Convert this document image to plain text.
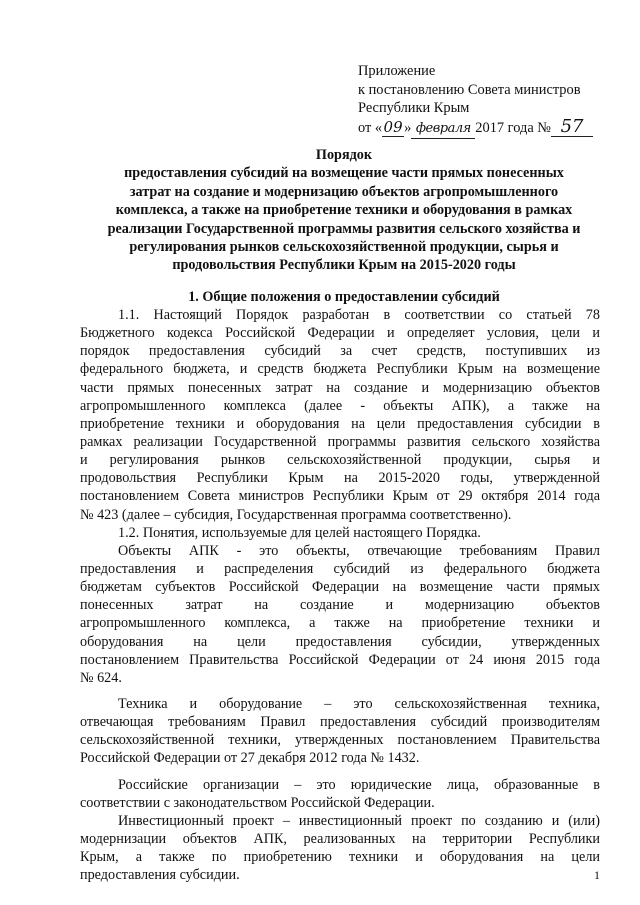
Приложение
к постановлению Совета министров
Республики Крым
от «09» февраля 2017 года № 57
Порядок
предоставления субсидий на возмещение части прямых понесенных
затрат на создание и модернизацию объектов агропромышленного
комплекса, а также на приобретение техники и оборудования в рамках
реализации Государственной программы развития сельского хозяйства и
регулирования рынков сельскохозяйственной продукции, сырья и
продовольствия Республики Крым на 2015-2020 годы
1. Общие положения о предоставлении субсидий
1.1. Настоящий Порядок разработан в соответствии со статьей 78
Бюджетного кодекса Российской Федерации и определяет условия, цели и
порядок предоставления субсидий за счет средств, поступивших из
федерального бюджета, и средств бюджета Республики Крым на возмещение
части прямых понесенных затрат на создание и модернизацию объектов
агропромышленного комплекса (далее - объекты АПК), а также на
приобретение техники и оборудования на цели предоставления субсидии в
рамках реализации Государственной программы развития сельского хозяйства
и регулирования рынков сельскохозяйственной продукции, сырья и
продовольствия Республики Крым на 2015-2020 годы, утвержденной
постановлением Совета министров Республики Крым от 29 октября 2014 года
№ 423 (далее – субсидия, Государственная программа соответственно).
1.2. Понятия, используемые для целей настоящего Порядка.
Объекты АПК - это объекты, отвечающие требованиям Правил
предоставления и распределения субсидий из федерального бюджета
бюджетам субъектов Российской Федерации на возмещение части прямых
понесенных затрат на создание и модернизацию объектов
агропромышленного комплекса, а также на приобретение техники и
оборудования на цели предоставления субсидии, утвержденных
постановлением Правительства Российской Федерации от 24 июня 2015 года
№ 624.
Техника и оборудование – это сельскохозяйственная техника,
отвечающая требованиям Правил предоставления субсидий производителям
сельскохозяйственной техники, утвержденных постановлением Правительства
Российской Федерации от 27 декабря 2012 года № 1432.
Российские организации – это юридические лица, образованные в
соответствии с законодательством Российской Федерации.
Инвестиционный проект – инвестиционный проект по созданию и (или)
модернизации объектов АПК, реализованных на территории Республики
Крым, а также по приобретению техники и оборудования на цели
предоставления субсидии.	1
